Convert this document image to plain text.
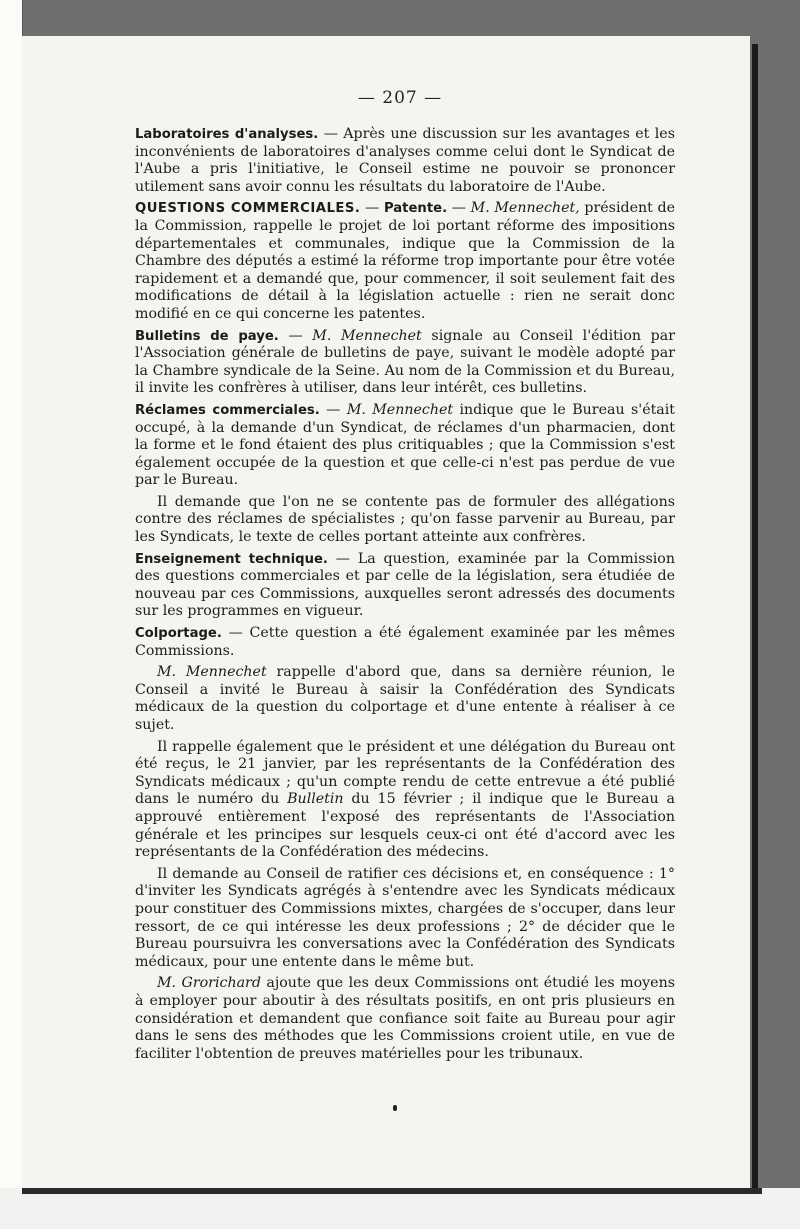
— 207 —

Laboratoires d'analyses. — Après une discussion sur les avantages et les inconvénients de laboratoires d'analyses comme celui dont le Syndicat de l'Aube a pris l'initiative, le Conseil estime ne pouvoir se prononcer utilement sans avoir connu les résultats du laboratoire de l'Aube.

QUESTIONS COMMERCIALES. — Patente. — M. Mennechet, président de la Commission, rappelle le projet de loi portant réforme des impositions départementales et communales, indique que la Commission de la Chambre des députés a estimé la réforme trop importante pour être votée rapidement et a demandé que, pour commencer, il soit seulement fait des modifications de détail à la législation actuelle : rien ne serait donc modifié en ce qui concerne les patentes.

Bulletins de paye. — M. Mennechet signale au Conseil l'édition par l'Association générale de bulletins de paye, suivant le modèle adopté par la Chambre syndicale de la Seine. Au nom de la Commission et du Bureau, il invite les confrères à utiliser, dans leur intérêt, ces bulletins.

Réclames commerciales. — M. Mennechet indique que le Bureau s'était occupé, à la demande d'un Syndicat, de réclames d'un pharmacien, dont la forme et le fond étaient des plus critiquables ; que la Commission s'est également occupée de la question et que celle-ci n'est pas perdue de vue par le Bureau.

Il demande que l'on ne se contente pas de formuler des allégations contre des réclames de spécialistes ; qu'on fasse parvenir au Bureau, par les Syndicats, le texte de celles portant atteinte aux confrères.

Enseignement technique. — La question, examinée par la Commission des questions commerciales et par celle de la législation, sera étudiée de nouveau par ces Commissions, auxquelles seront adressés des documents sur les programmes en vigueur.

Colportage. — Cette question a été également examinée par les mêmes Commissions.

M. Mennechet rappelle d'abord que, dans sa dernière réunion, le Conseil a invité le Bureau à saisir la Confédération des Syndicats médicaux de la question du colportage et d'une entente à réaliser à ce sujet.

Il rappelle également que le président et une délégation du Bureau ont été reçus, le 21 janvier, par les représentants de la Confédération des Syndicats médicaux ; qu'un compte rendu de cette entrevue a été publié dans le numéro du Bulletin du 15 février ; il indique que le Bureau a approuvé entièrement l'exposé des représentants de l'Association générale et les principes sur lesquels ceux-ci ont été d'accord avec les représentants de la Confédération des médecins.

Il demande au Conseil de ratifier ces décisions et, en conséquence : 1° d'inviter les Syndicats agrégés à s'entendre avec les Syndicats médicaux pour constituer des Commissions mixtes, chargées de s'occuper, dans leur ressort, de ce qui intéresse les deux professions ; 2° de décider que le Bureau poursuivra les conversations avec la Confédération des Syndicats médicaux, pour une entente dans le même but.

M. Grorichard ajoute que les deux Commissions ont étudié les moyens à employer pour aboutir à des résultats positifs, en ont pris plusieurs en considération et demandent que confiance soit faite au Bureau pour agir dans le sens des méthodes que les Commissions croient utile, en vue de faciliter l'obtention de preuves matérielles pour les tribunaux.
